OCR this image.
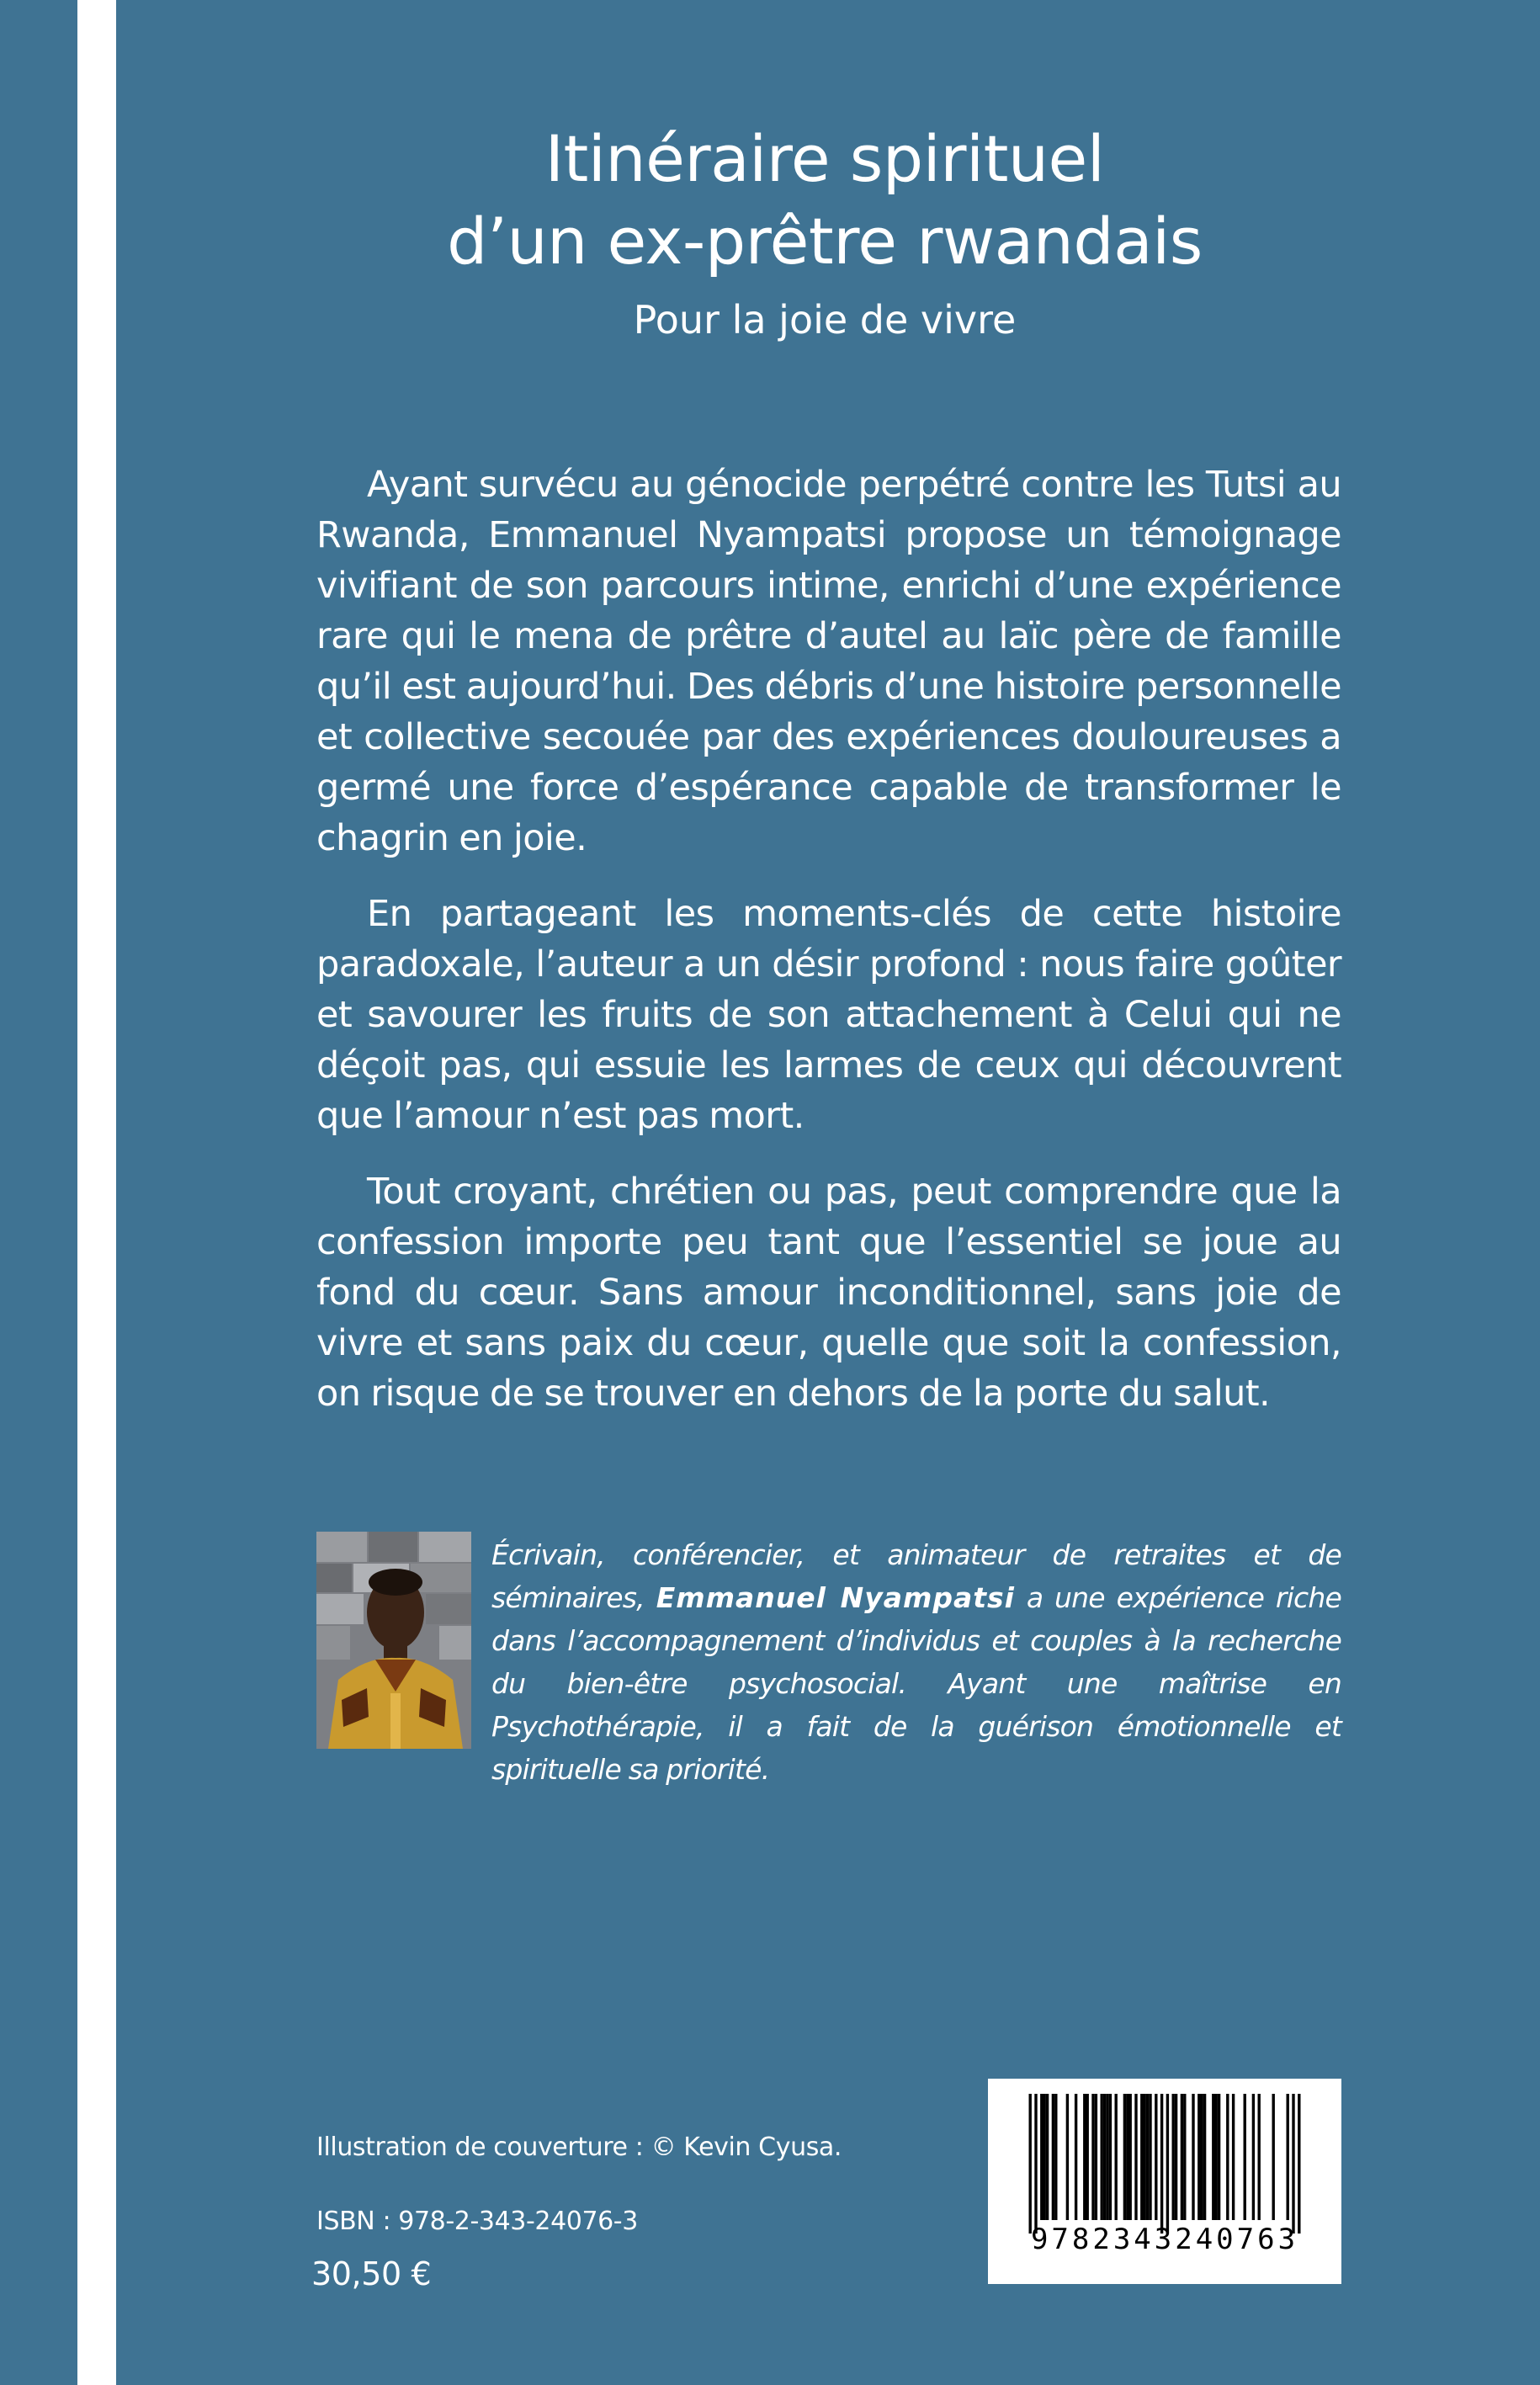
Itinéraire spirituel
d’un ex-prêtre rwandais
Pour la joie de vivre

Ayant survécu au génocide perpétré contre les Tutsi au Rwanda, Emmanuel Nyampatsi propose un témoignage vivifiant de son parcours intime, enrichi d’une expérience rare qui le mena de prêtre d’autel au laïc père de famille qu’il est aujourd’hui. Des débris d’une histoire personnelle et collective secouée par des expériences douloureuses a germé une force d’espérance capable de transformer le chagrin en joie.

En partageant les moments-clés de cette histoire paradoxale, l’auteur a un désir profond : nous faire goûter et savourer les fruits de son attachement à Celui qui ne déçoit pas, qui essuie les larmes de ceux qui découvrent que l’amour n’est pas mort.

Tout croyant, chrétien ou pas, peut comprendre que la confession importe peu tant que l’essentiel se joue au fond du cœur. Sans amour inconditionnel, sans joie de vivre et sans paix du cœur, quelle que soit la confession, on risque de se trouver en dehors de la porte du salut.

Écrivain, conférencier, et animateur de retraites et de séminaires, Emmanuel Nyampatsi a une expérience riche dans l’accompagnement d’individus et couples à la recherche du bien-être psychosocial. Ayant une maîtrise en Psychothérapie, il a fait de la guérison émotionnelle et spirituelle sa priorité.
Illustration de couverture : © Kevin Cyusa.
ISBN : 978-2-343-24076-3
30,50 €
9782343240763
